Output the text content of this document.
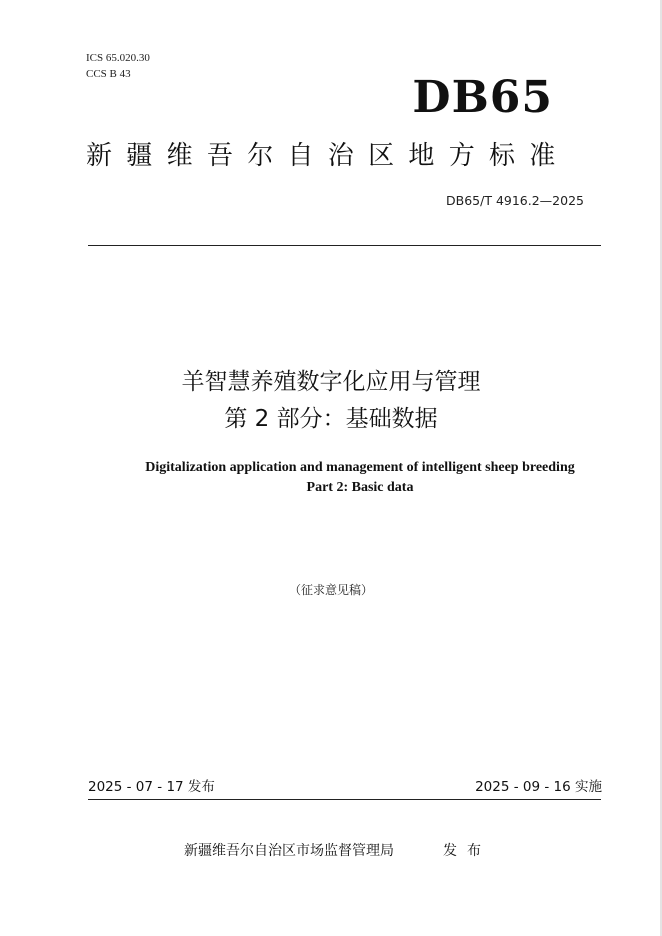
ICS 65.020.30
CCS B 43	DB65
新疆维吾尔自治区地方标准
DB65/T 4916.2—2025
羊智慧养殖数字化应用与管理
第 2 部分：基础数据
Digitalization application and management of intelligent sheep breeding
Part 2: Basic data
（征求意见稿）
2025 - 07 - 17 发布	2025 - 09 - 16 实施
新疆维吾尔自治区市场监督管理局	发布
